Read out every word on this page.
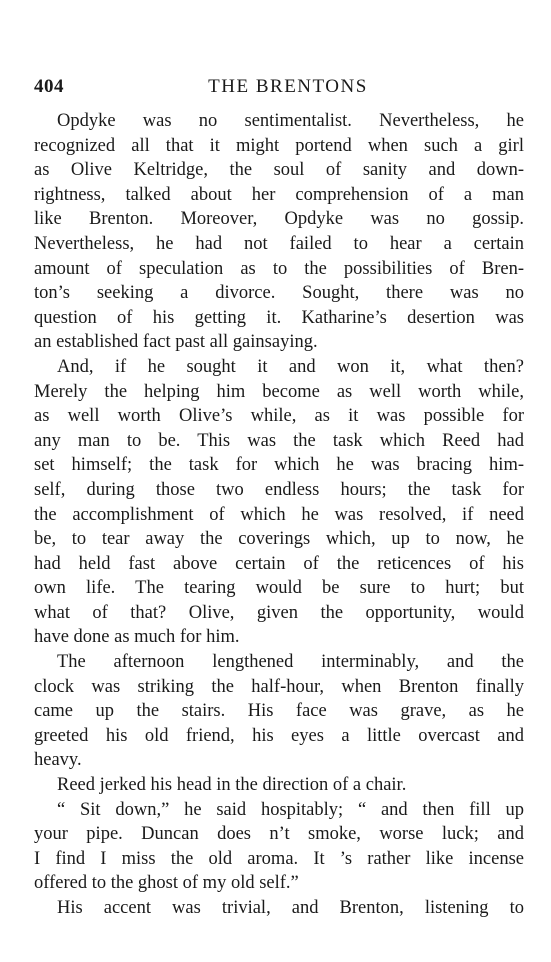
404	THE BRENTONS
Opdyke was no sentimentalist. Nevertheless, he
recognized all that it might portend when such a girl
as Olive Keltridge, the soul of sanity and down-
rightness, talked about her comprehension of a man
like Brenton. Moreover, Opdyke was no gossip.
Nevertheless, he had not failed to hear a certain
amount of speculation as to the possibilities of Bren-
ton’s seeking a divorce. Sought, there was no
question of his getting it. Katharine’s desertion was
an established fact past all gainsaying.
And, if he sought it and won it, what then?
Merely the helping him become as well worth while,
as well worth Olive’s while, as it was possible for
any man to be. This was the task which Reed had
set himself; the task for which he was bracing him-
self, during those two endless hours; the task for
the accomplishment of which he was resolved, if need
be, to tear away the coverings which, up to now, he
had held fast above certain of the reticences of his
own life. The tearing would be sure to hurt; but
what of that? Olive, given the opportunity, would
have done as much for him.
The afternoon lengthened interminably, and the
clock was striking the half-hour, when Brenton finally
came up the stairs. His face was grave, as he
greeted his old friend, his eyes a little overcast and
heavy.
Reed jerked his head in the direction of a chair.
“ Sit down,” he said hospitably; “ and then fill up
your pipe. Duncan does n’t smoke, worse luck; and
I find I miss the old aroma. It ’s rather like incense
offered to the ghost of my old self.”
His accent was trivial, and Brenton, listening to
